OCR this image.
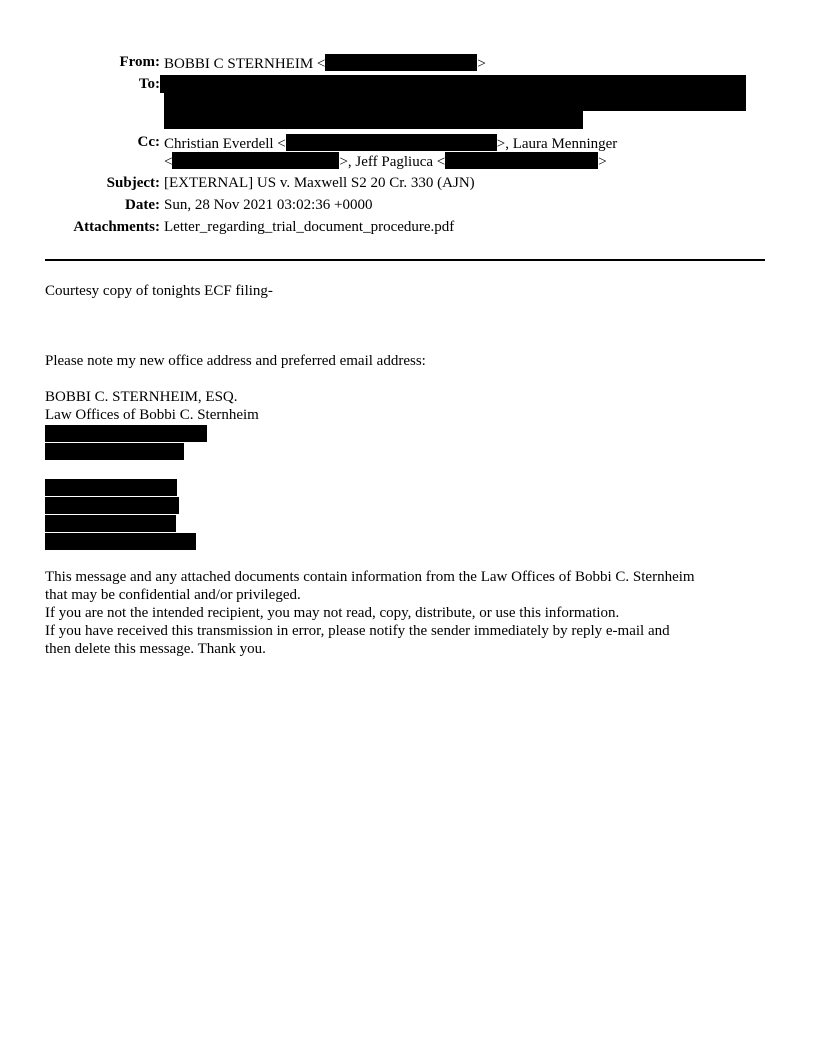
From: BOBBI C STERNHEIM <	>
To:
Cc: Christian Everdell <	>, Laura Menninger
<	>, Jeff Pagliuca <	>
Subject: [EXTERNAL] US v. Maxwell S2 20 Cr. 330 (AJN)
Date: Sun, 28 Nov 2021 03:02:36 +0000
Attachments: Letter_regarding_trial_document_procedure.pdf
Courtesy copy of tonights ECF filing-
Please note my new office address and preferred email address:
BOBBI C. STERNHEIM, ESQ.
Law Offices of Bobbi C. Sternheim
This message and any attached documents contain information from the Law Offices of Bobbi C. Sternheim
that may be confidential and/or privileged.
If you are not the intended recipient, you may not read, copy, distribute, or use this information.
If you have received this transmission in error, please notify the sender immediately by reply e-mail and
then delete this message. Thank you.
